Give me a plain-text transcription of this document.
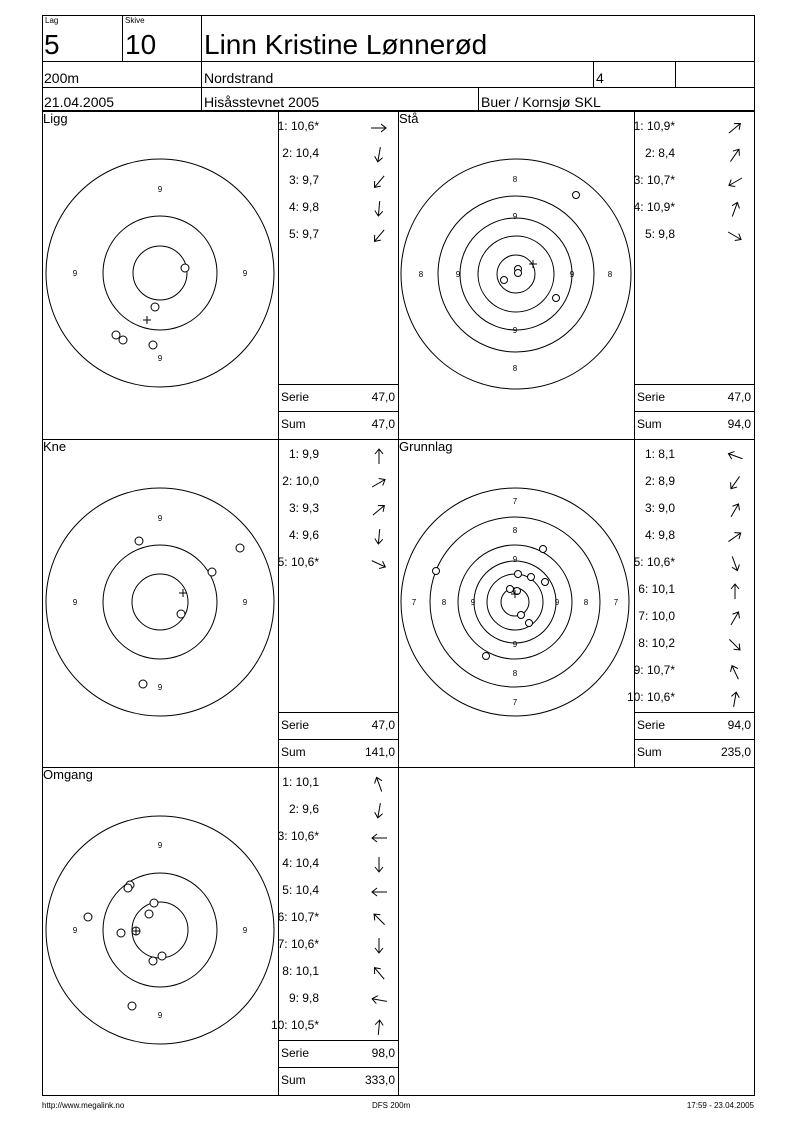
Lag
5
Skive
10 Linn Kristine Lønnerød
200m	Nordstrand	4
21.04.2005	Hisåsstevnet 2005	Buer / Kornsjø SKL
Ligg
9
9
9	9
1: 10,6*
2: 10,4
3: 9,7
4: 9,8
5: 9,7
Serie	47,0
Sum	47,0
Stå
8
8
8	8
9
9
9	9
1: 10,9*
2: 8,4
3: 10,7*
4: 10,9*
5: 9,8
Serie	47,0
Sum	94,0
Kne
9
9
9	9
1: 9,9
2: 10,0
3: 9,3
4: 9,6
5: 10,6*
Serie	47,0
Sum	141,0
Grunnlag
7
7
7	7
8
8
8	8
9
9
9	9
1: 8,1
2: 8,9
3: 9,0
4: 9,8
5: 10,6*
6: 10,1
7: 10,0
8: 10,2
9: 10,7*
10: 10,6*
Serie	94,0
Sum	235,0
Omgang
9
9
9	9
1: 10,1
2: 9,6
3: 10,6*
4: 10,4
5: 10,4
6: 10,7*
7: 10,6*
8: 10,1
9: 9,8
10: 10,5*
Serie	98,0
Sum	333,0
http://www.megalink.no	DFS 200m	17:59 - 23.04.2005
